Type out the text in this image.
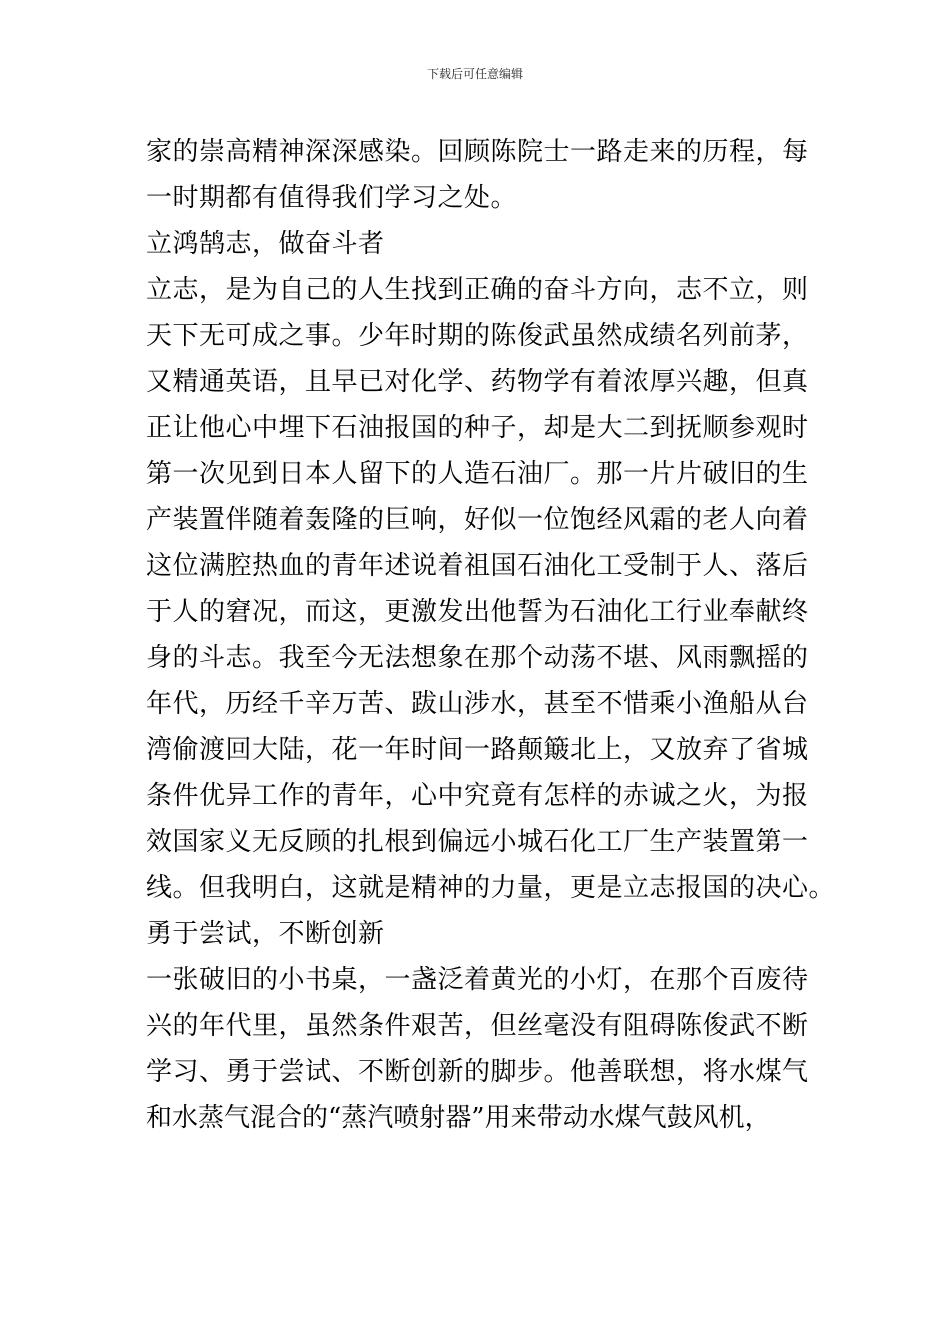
下载后可任意编辑
家的崇高精神深深感染。回顾陈院士一路走来的历程，每
一时期都有值得我们学习之处。
立鸿鹄志，做奋斗者
立志，是为自己的人生找到正确的奋斗方向，志不立，则
天下无可成之事。少年时期的陈俊武虽然成绩名列前茅，
又精通英语，且早已对化学、药物学有着浓厚兴趣，但真
正让他心中埋下石油报国的种子，却是大二到抚顺参观时
第一次见到日本人留下的人造石油厂。那一片片破旧的生
产装置伴随着轰隆的巨响，好似一位饱经风霜的老人向着
这位满腔热血的青年述说着祖国石油化工受制于人、落后
于人的窘况，而这，更激发出他誓为石油化工行业奉献终
身的斗志。我至今无法想象在那个动荡不堪、风雨飘摇的
年代，历经千辛万苦、跋山涉水，甚至不惜乘小渔船从台
湾偷渡回大陆，花一年时间一路颠簸北上，又放弃了省城
条件优异工作的青年，心中究竟有怎样的赤诚之火，为报
效国家义无反顾的扎根到偏远小城石化工厂生产装置第一
线。但我明白，这就是精神的力量，更是立志报国的决心。
勇于尝试，不断创新
一张破旧的小书桌，一盏泛着黄光的小灯，在那个百废待
兴的年代里，虽然条件艰苦，但丝毫没有阻碍陈俊武不断
学习、勇于尝试、不断创新的脚步。他善联想，将水煤气
和水蒸气混合的“蒸汽喷射器”用来带动水煤气鼓风机，
